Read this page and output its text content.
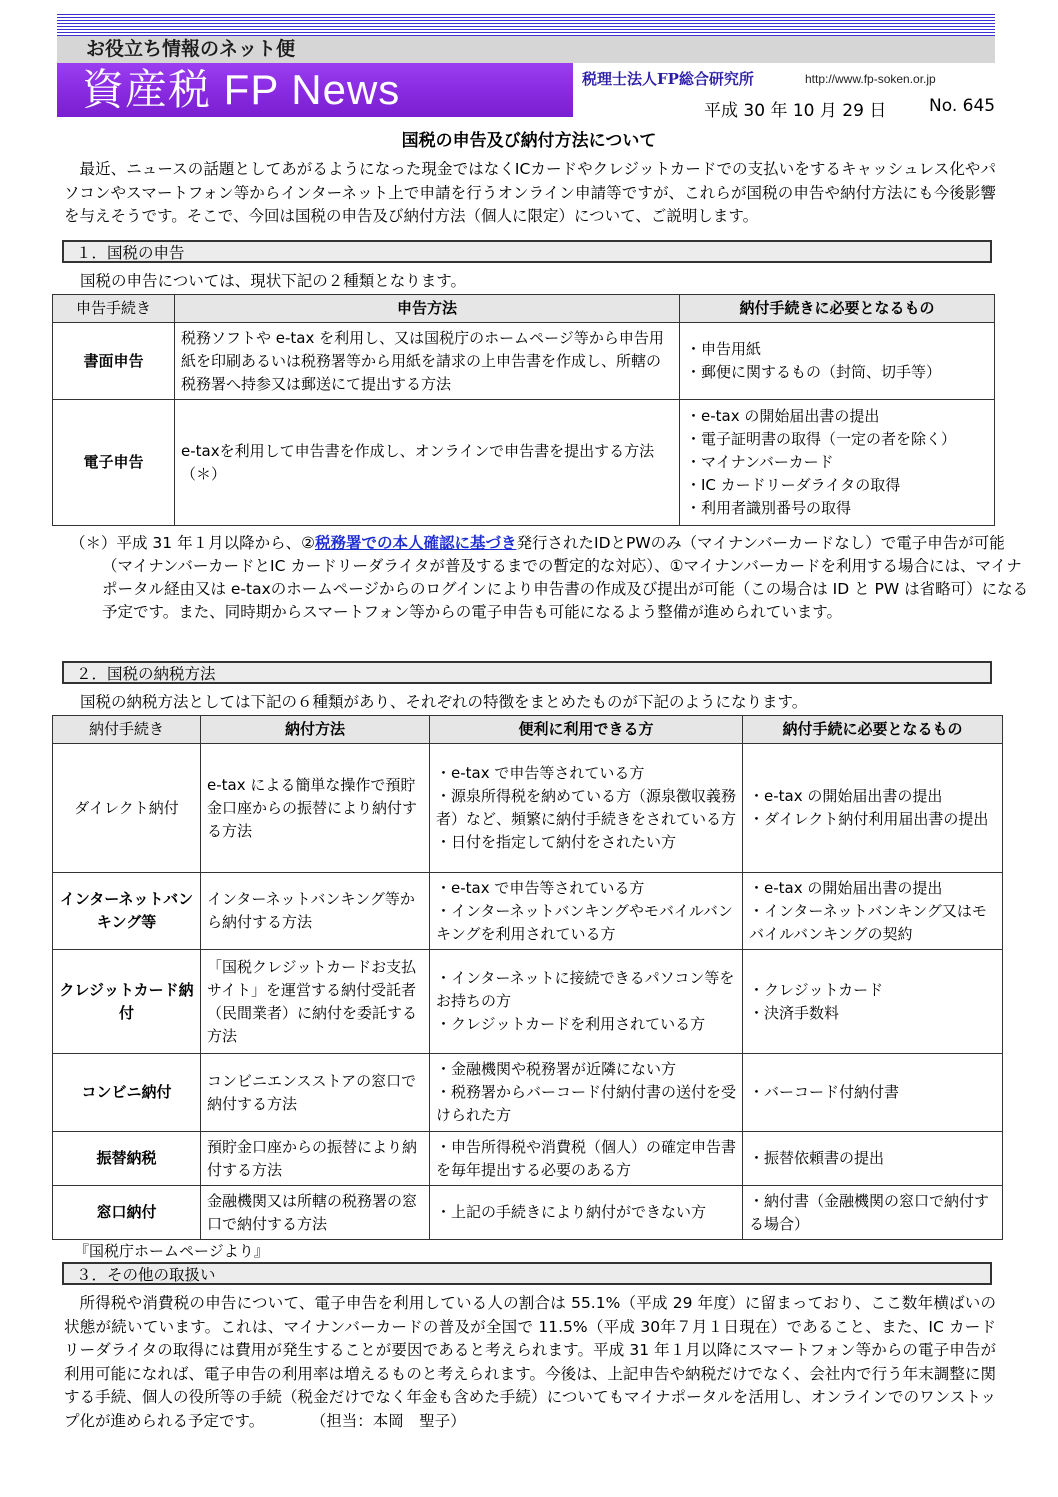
お役立ち情報のネット便
資産税 FP News	税理士法人FP総合研究所	http://www.fp-soken.or.jp
平成 30 年 10 月 29 日	No. 645
国税の申告及び納付方法について
最近、ニュースの話題としてあがるようになった現金ではなくICカードやクレジットカードでの支払いをするキャッシュレス化やパソコンやスマートフォン等からインターネット上で申請を行うオンライン申請等ですが、これらが国税の申告や納付方法にも今後影響を与えそうです。そこで、今回は国税の申告及び納付方法（個人に限定）について、ご説明します。
１．国税の申告
国税の申告については、現状下記の２種類となります。
申告手続き	申告方法	納付手続きに必要となるもの
書面申告	税務ソフトや e-tax を利用し、又は国税庁のホームページ等から申告用紙を印刷あるいは税務署等から用紙を請求の上申告書を作成し、所轄の税務署へ持参又は郵送にて提出する方法	・申告用紙
・郵便に関するもの（封筒、切手等）

電子申告	e-taxを利用して申告書を作成し、オンラインで申告書を提出する方法（＊）	・e-tax の開始届出書の提出
・電子証明書の取得（一定の者を除く）
・マイナンバーカード
・IC カードリーダライタの取得
・利用者識別番号の取得
（＊）平成 31 年１月以降から、②税務署での本人確認に基づき発行されたIDとPWのみ（マイナンバーカードなし）で電子申告が可能（マイナンバーカードとIC カードリーダライタが普及するまでの暫定的な対応）、①マイナンバーカードを利用する場合には、マイナポータル経由又は e-taxのホームページからのログインにより申告書の作成及び提出が可能（この場合は ID と PW は省略可）になる予定です。また、同時期からスマートフォン等からの電子申告も可能になるよう整備が進められています。
２．国税の納税方法
国税の納税方法としては下記の６種類があり、それぞれの特徴をまとめたものが下記のようになります。
納付手続き	納付方法	便利に利用できる方	納付手続に必要となるもの
ダイレクト納付	e-tax による簡単な操作で預貯金口座からの振替により納付する方法	・e-tax で申告等されている方
・源泉所得税を納めている方（源泉徴収義務者）など、頻繁に納付手続きをされている方
・日付を指定して納付をされたい方	・e-tax の開始届出書の提出
・ダイレクト納付利用届出書の提出

インターネットバンキング等	インターネットバンキング等から納付する方法	・e-tax で申告等されている方
・インターネットバンキングやモバイルバンキングを利用されている方	・e-tax の開始届出書の提出
・インターネットバンキング又はモバイルバンキングの契約

クレジットカード納付	「国税クレジットカードお支払サイト」を運営する納付受託者（民間業者）に納付を委託する方法	・インターネットに接続できるパソコン等をお持ちの方
・クレジットカードを利用されている方	・クレジットカード
・決済手数料

コンビニ納付	コンビニエンスストアの窓口で納付する方法	・金融機関や税務署が近隣にない方
・税務署からバーコード付納付書の送付を受けられた方	・バーコード付納付書

振替納税	預貯金口座からの振替により納付する方法	・申告所得税や消費税（個人）の確定申告書を毎年提出する必要のある方	・振替依頼書の提出

窓口納付	金融機関又は所轄の税務署の窓口で納付する方法	・上記の手続きにより納付ができない方	・納付書（金融機関の窓口で納付する場合）
『国税庁ホームページより』
３．その他の取扱い
所得税や消費税の申告について、電子申告を利用している人の割合は 55.1%（平成 29 年度）に留まっており、ここ数年横ばいの状態が続いています。これは、マイナンバーカードの普及が全国で 11.5%（平成 30年７月１日現在）であること、また、IC カードリーダライタの取得には費用が発生することが要因であると考えられます。平成 31 年１月以降にスマートフォン等からの電子申告が利用可能になれば、電子申告の利用率は増えるものと考えられます。今後は、上記申告や納税だけでなく、会社内で行う年末調整に関する手続、個人の役所等の手続（税金だけでなく年金も含めた手続）についてもマイナポータルを活用し、オンラインでのワンストップ化が進められる予定です。　　　　	（担当：本岡　聖子）
